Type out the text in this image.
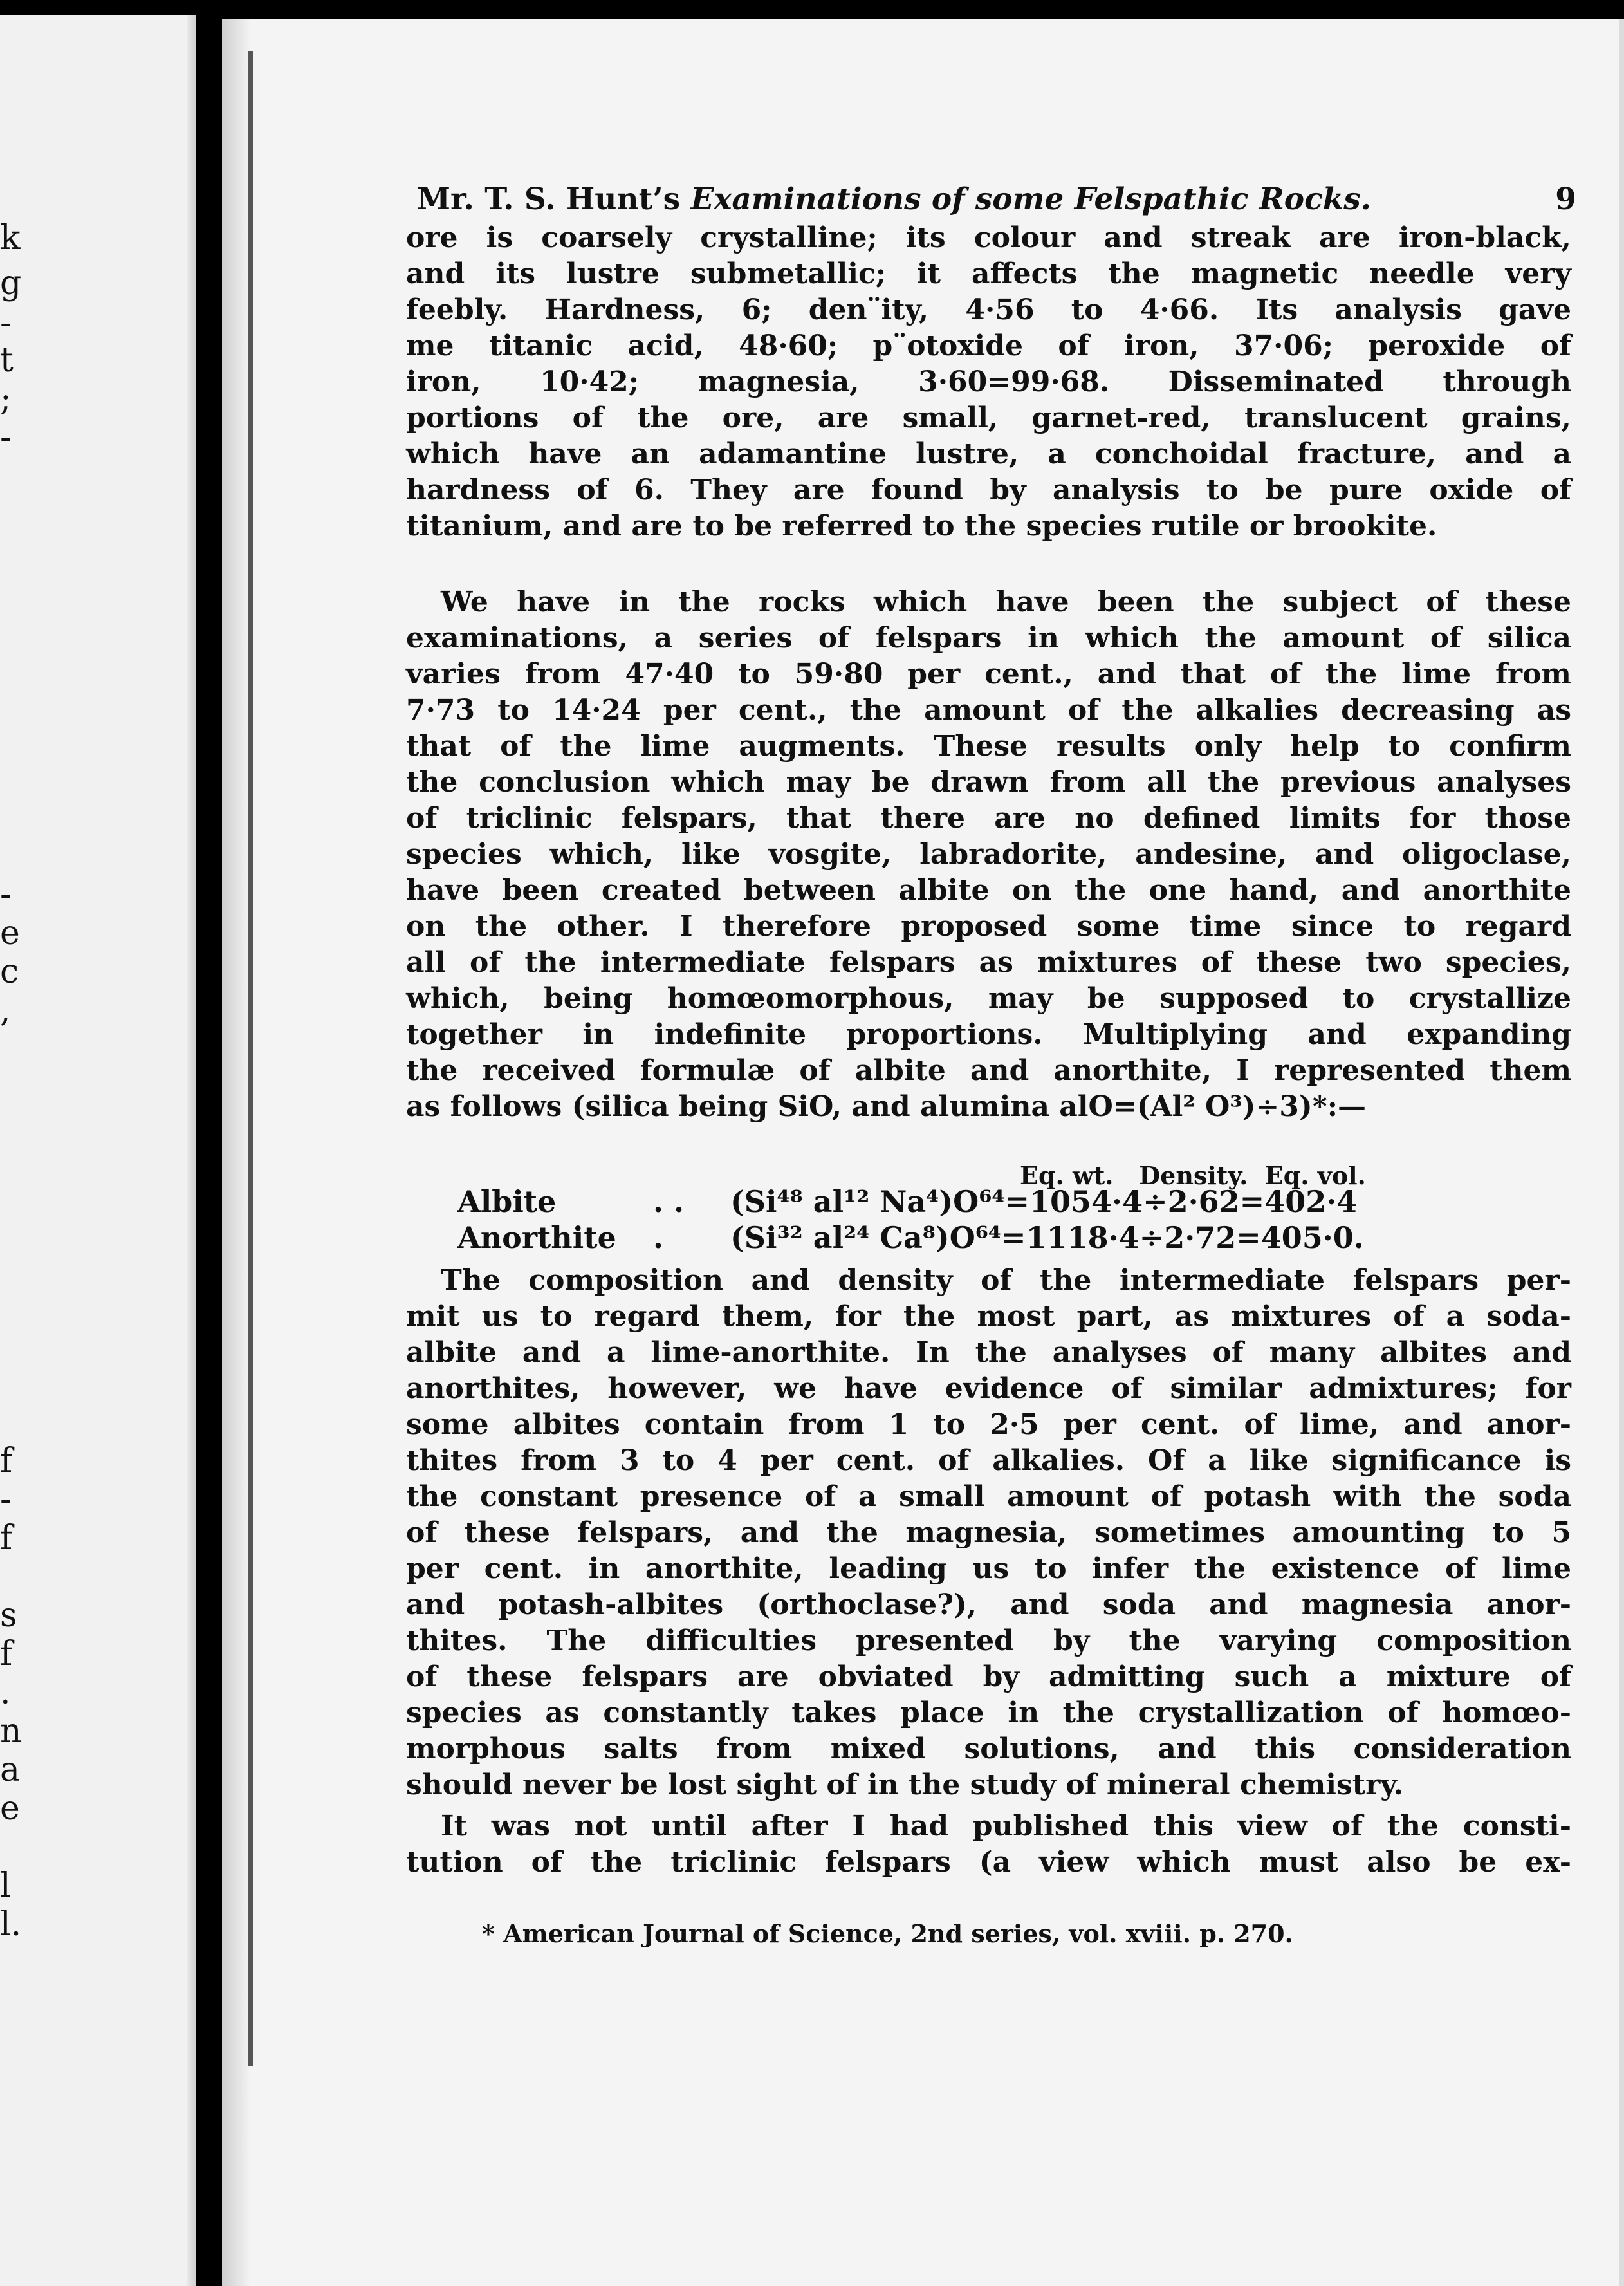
k
g
-
t
;
-
-
e
c
,
f
-
f
s
f
.
n
a
e
l
l.
Mr. T. S. Hunt’s Examinations of some Felspathic Rocks.	9
ore is coarsely crystalline; its colour and streak are iron-black,
and its lustre submetallic; it affects the magnetic needle very
feebly. Hardness, 6; den¨ity, 4·56 to 4·66. Its analysis gave
me titanic acid, 48·60; p¨otoxide of iron, 37·06; peroxide of
iron, 10·42; magnesia, 3·60=99·68. Disseminated through
portions of the ore, are small, garnet-red, translucent grains,
which have an adamantine lustre, a conchoidal fracture, and a
hardness of 6. They are found by analysis to be pure oxide of
titanium, and are to be referred to the species rutile or brookite.
We have in the rocks which have been the subject of these
examinations, a series of felspars in which the amount of silica
varies from 47·40 to 59·80 per cent., and that of the lime from
7·73 to 14·24 per cent., the amount of the alkalies decreasing as
that of the lime augments. These results only help to confirm
the conclusion which may be drawn from all the previous analyses
of triclinic felspars, that there are no defined limits for those
species which, like vosgite, labradorite, andesine, and oligoclase,
have been created between albite on the one hand, and anorthite
on the other. I therefore proposed some time since to regard
all of the intermediate felspars as mixtures of these two species,
which, being homœomorphous, may be supposed to crystallize
together in indefinite proportions. Multiplying and expanding
the received formulæ of albite and anorthite, I represented them
as follows (silica being SiO, and alumina alO=(Al² O³)÷3)*:—
The composition and density of the intermediate felspars per-
mit us to regard them, for the most part, as mixtures of a soda-
albite and a lime-anorthite. In the analyses of many albites and
anorthites, however, we have evidence of similar admixtures; for
some albites contain from 1 to 2·5 per cent. of lime, and anor-
thites from 3 to 4 per cent. of alkalies. Of a like significance is
the constant presence of a small amount of potash with the soda
of these felspars, and the magnesia, sometimes amounting to 5
per cent. in anorthite, leading us to infer the existence of lime
and potash-albites (orthoclase?), and soda and magnesia anor-
thites. The difficulties presented by the varying composition
of these felspars are obviated by admitting such a mixture of
species as constantly takes place in the crystallization of homœo-
morphous salts from mixed solutions, and this consideration
should never be lost sight of in the study of mineral chemistry.
It was not until after I had published this view of the consti-
tution of the triclinic felspars (a view which must also be ex-
Eq. wt. Density. Eq. vol.
Albite	. . (Si⁴⁸ al¹² Na⁴)O⁶⁴=1054·4÷2·62=402·4
Anorthite . (Si³² al²⁴ Ca⁸)O⁶⁴=1118·4÷2·72=405·0.
* American Journal of Science, 2nd series, vol. xviii. p. 270.
